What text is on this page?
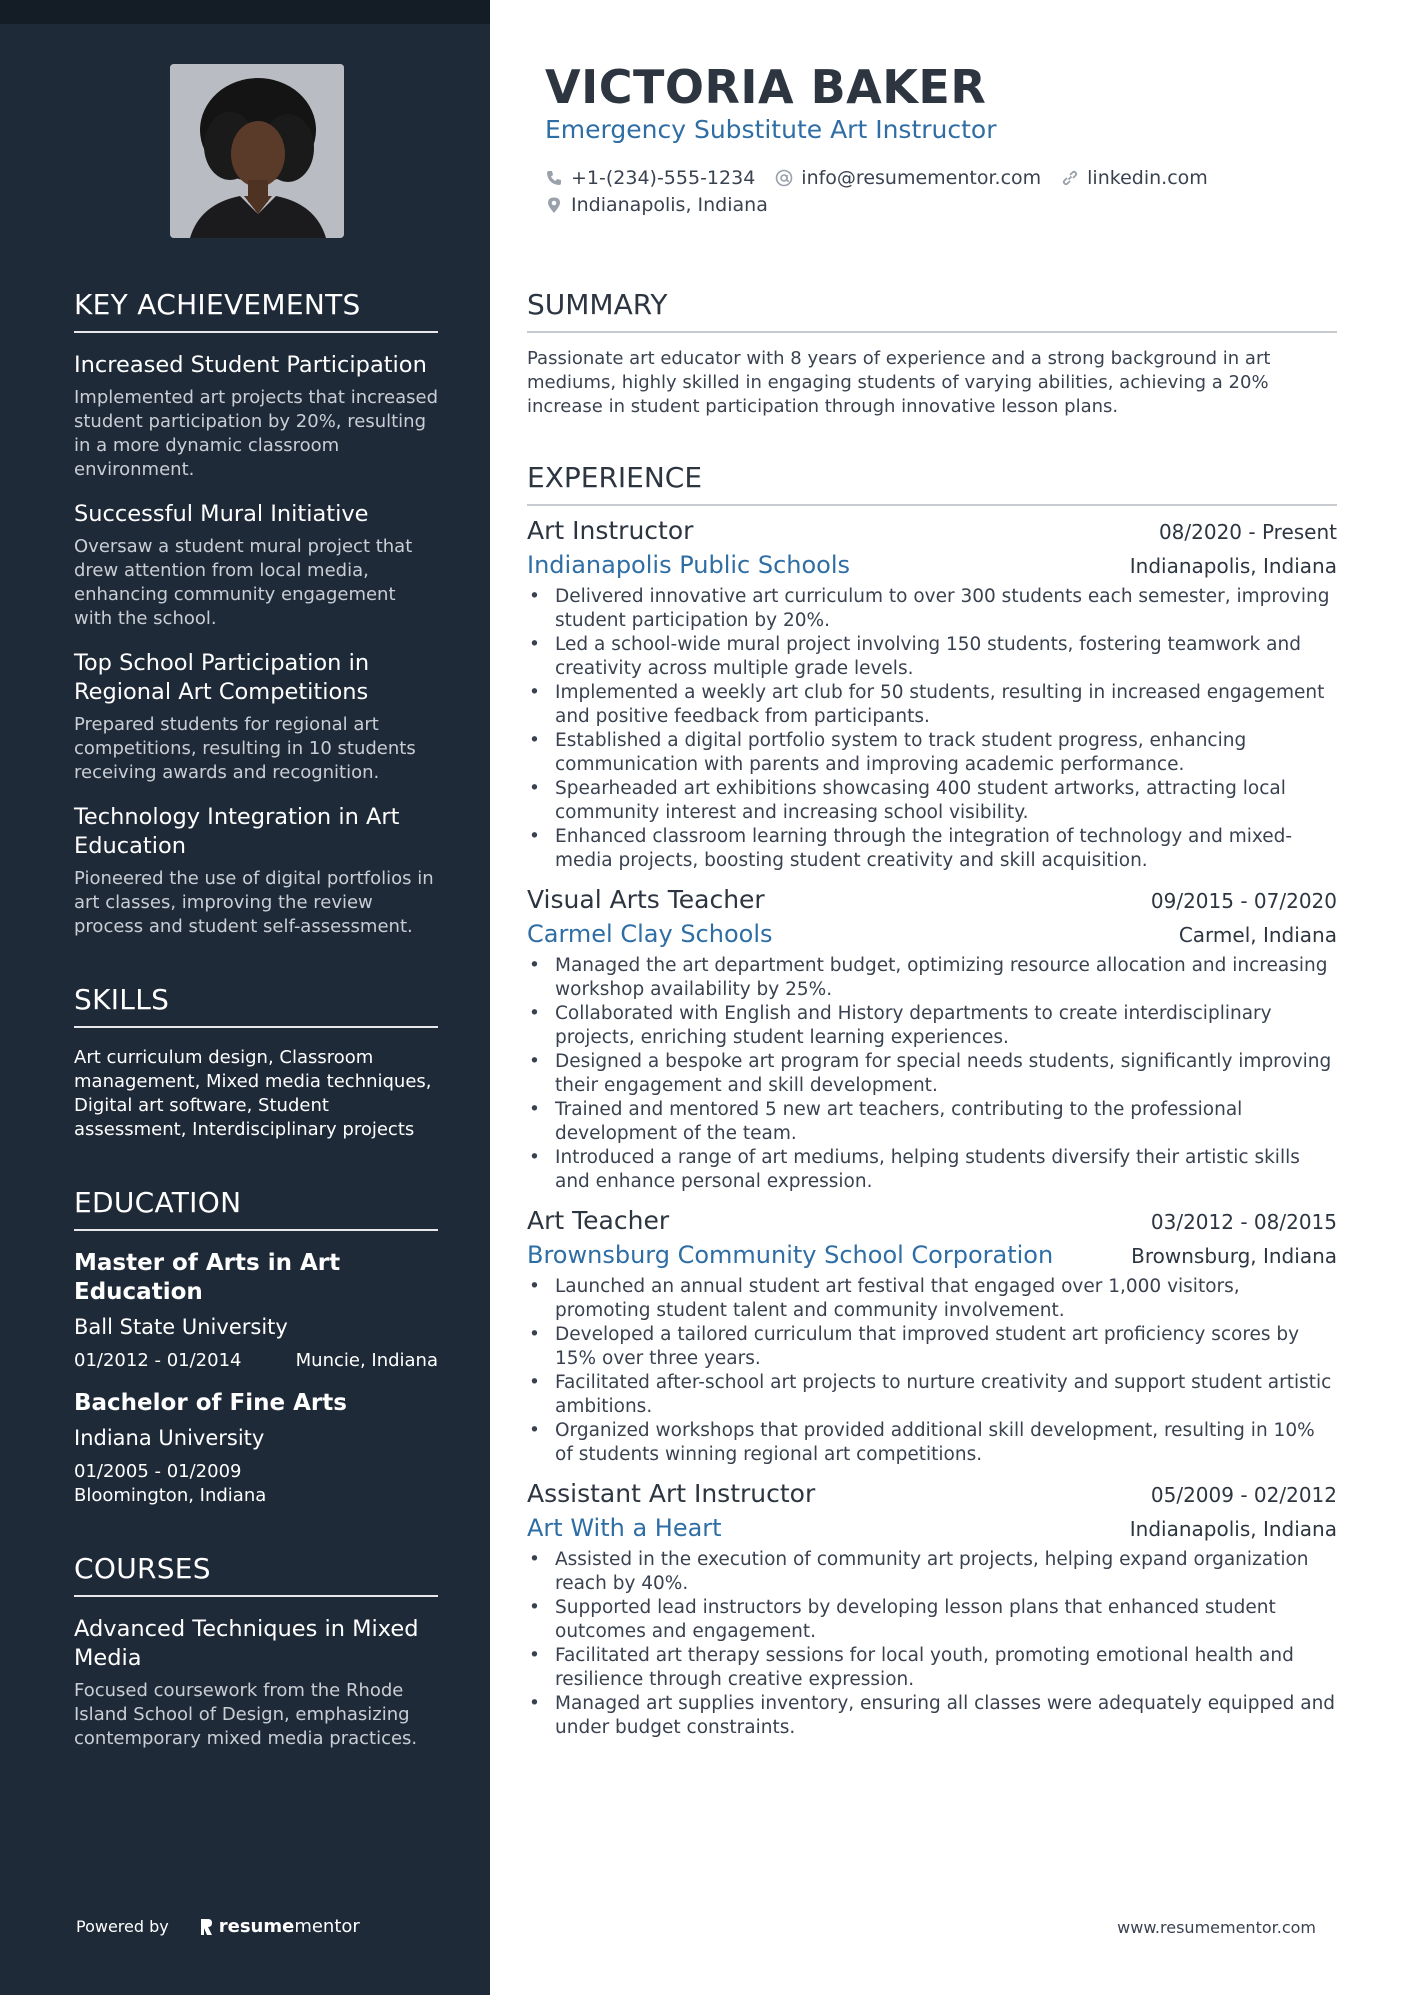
KEY ACHIEVEMENTS
Increased Student Participation
Implemented art projects that increased student participation by 20%, resulting in a more dynamic classroom environment.
Successful Mural Initiative
Oversaw a student mural project that drew attention from local media, enhancing community engagement with the school.
Top School Participation in Regional Art Competitions
Prepared students for regional art competitions, resulting in 10 students receiving awards and recognition.
Technology Integration in Art Education
Pioneered the use of digital portfolios in art classes, improving the review process and student self-assessment.
SKILLS
Art curriculum design, Classroom management, Mixed media techniques, Digital art software, Student assessment, Interdisciplinary projects
EDUCATION
Master of Arts in Art Education
Ball State University
01/2012 - 01/2014	Muncie, Indiana
Bachelor of Fine Arts
Indiana University
01/2005 - 01/2009
Bloomington, Indiana
COURSES
Advanced Techniques in Mixed Media
Focused coursework from the Rhode Island School of Design, emphasizing contemporary mixed media practices.
Powered by	resume mentor
VICTORIA BAKER
Emergency Substitute Art Instructor
+1-(234)-555-1234 info@resumementor.com linkedin.com
Indianapolis, Indiana
SUMMARY

Passionate art educator with 8 years of experience and a strong background in art mediums, highly skilled in engaging students of varying abilities, achieving a 20% increase in student participation through innovative lesson plans.

EXPERIENCE
Art Instructor	08/2020 - Present
Indianapolis Public Schools	Indianapolis, Indiana
• Delivered innovative art curriculum to over 300 students each semester, improving student participation by 20%.
• Led a school-wide mural project involving 150 students, fostering teamwork and creativity across multiple grade levels.
• Implemented a weekly art club for 50 students, resulting in increased engagement and positive feedback from participants.
• Established a digital portfolio system to track student progress, enhancing communication with parents and improving academic performance.
• Spearheaded art exhibitions showcasing 400 student artworks, attracting local community interest and increasing school visibility.
• Enhanced classroom learning through the integration of technology and mixed-media projects, boosting student creativity and skill acquisition.
Visual Arts Teacher	09/2015 - 07/2020
Carmel Clay Schools	Carmel, Indiana
• Managed the art department budget, optimizing resource allocation and increasing workshop availability by 25%.
• Collaborated with English and History departments to create interdisciplinary projects, enriching student learning experiences.
• Designed a bespoke art program for special needs students, significantly improving their engagement and skill development.
• Trained and mentored 5 new art teachers, contributing to the professional development of the team.
• Introduced a range of art mediums, helping students diversify their artistic skills and enhance personal expression.
Art Teacher	03/2012 - 08/2015
Brownsburg Community School Corporation	Brownsburg, Indiana
• Launched an annual student art festival that engaged over 1,000 visitors, promoting student talent and community involvement.
• Developed a tailored curriculum that improved student art proficiency scores by 15% over three years.
• Facilitated after-school art projects to nurture creativity and support student artistic ambitions.
• Organized workshops that provided additional skill development, resulting in 10% of students winning regional art competitions.
Assistant Art Instructor	05/2009 - 02/2012
Art With a Heart	Indianapolis, Indiana
• Assisted in the execution of community art projects, helping expand organization reach by 40%.
• Supported lead instructors by developing lesson plans that enhanced student outcomes and engagement.
• Facilitated art therapy sessions for local youth, promoting emotional health and resilience through creative expression.
• Managed art supplies inventory, ensuring all classes were adequately equipped and under budget constraints.
www.resumementor.com
